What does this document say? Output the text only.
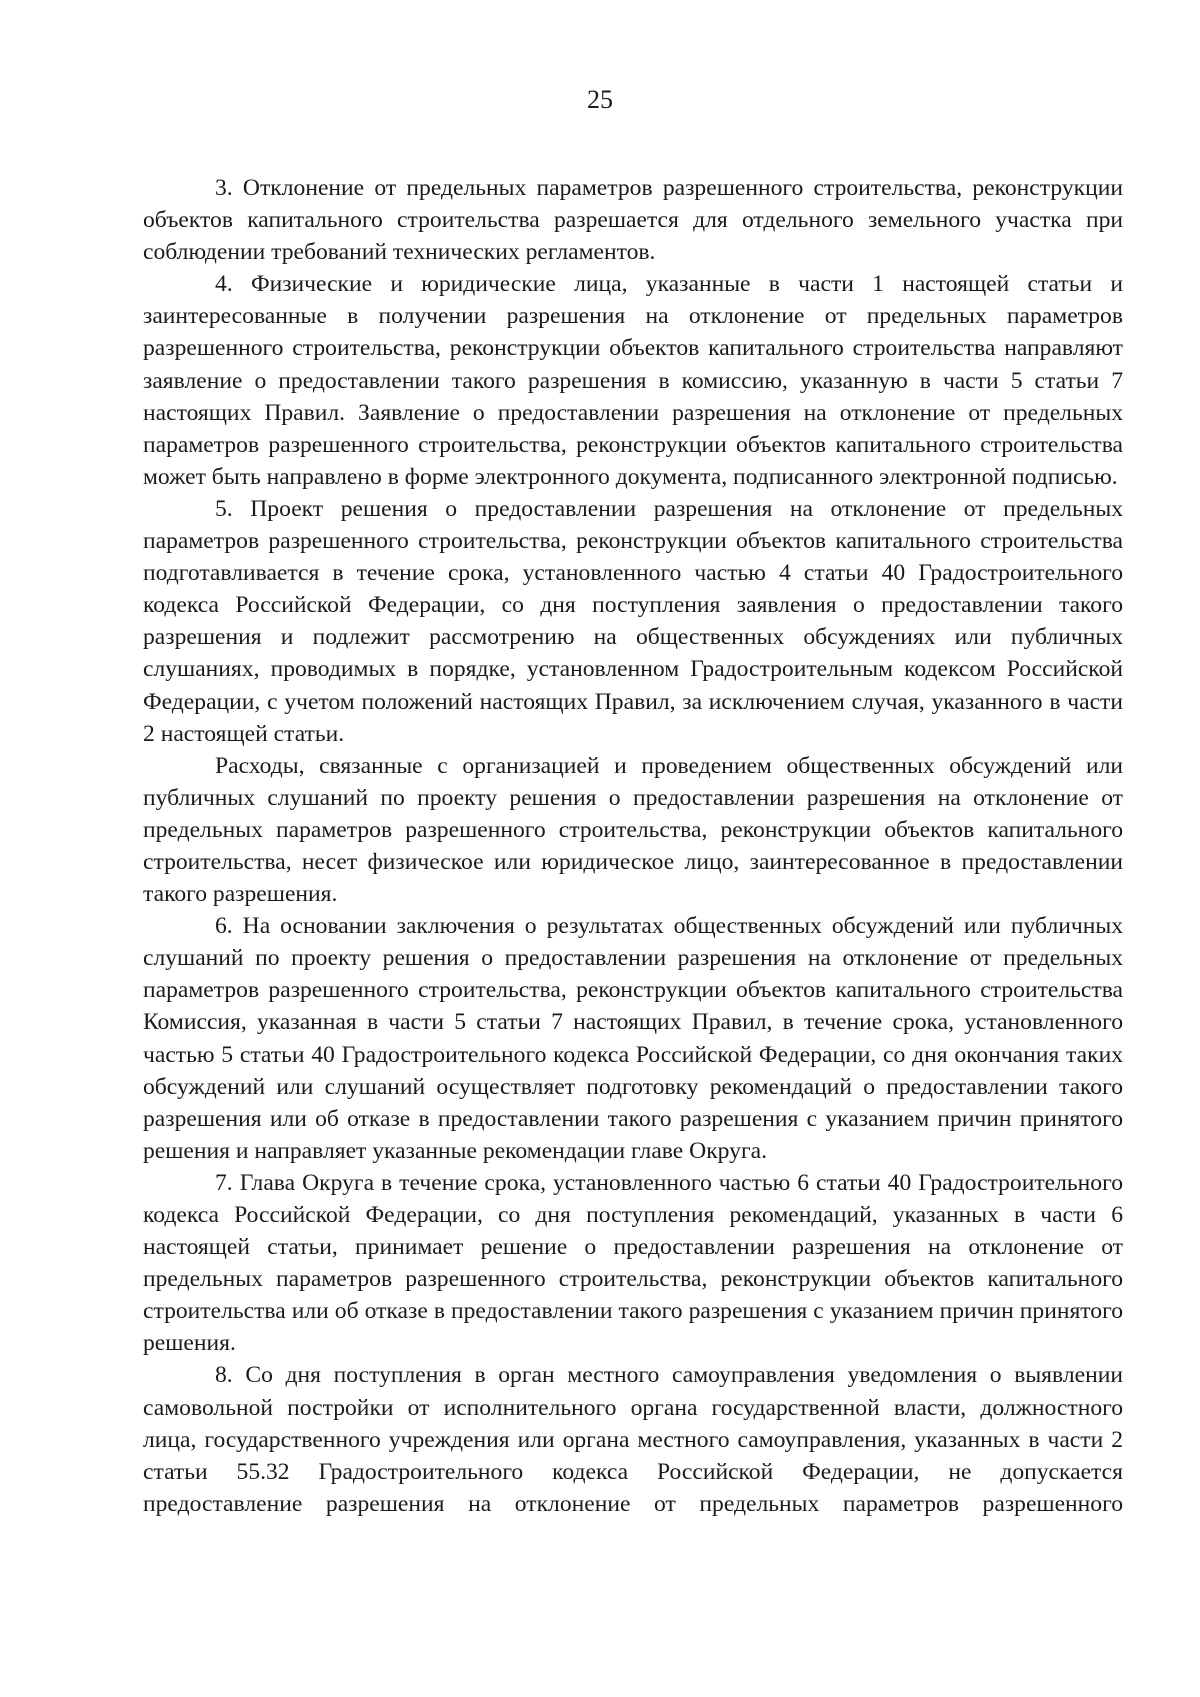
25

3. Отклонение от предельных параметров разрешенного строительства, реконструкции объектов капитального строительства разрешается для отдельного земельного участка при соблюдении требований технических регламентов.

4. Физические и юридические лица, указанные в части 1 настоящей статьи и заинтересованные в получении разрешения на отклонение от предельных параметров разрешенного строительства, реконструкции объектов капитального строительства направляют заявление о предоставлении такого разрешения в комиссию, указанную в части 5 статьи 7 настоящих Правил. Заявление о предоставлении разрешения на отклонение от предельных параметров разрешенного строительства, реконструкции объектов капитального строительства может быть направлено в форме электронного документа, подписанного электронной подписью.

5. Проект решения о предоставлении разрешения на отклонение от предельных параметров разрешенного строительства, реконструкции объектов капитального строительства подготавливается в течение срока, установленного частью 4 статьи 40 Градостроительного кодекса Российской Федерации, со дня поступления заявления о предоставлении такого разрешения и подлежит рассмотрению на общественных обсуждениях или публичных слушаниях, проводимых в порядке, установленном Градостроительным кодексом Российской Федерации, с учетом положений настоящих Правил, за исключением случая, указанного в части 2 настоящей статьи.

Расходы, связанные с организацией и проведением общественных обсуждений или публичных слушаний по проекту решения о предоставлении разрешения на отклонение от предельных параметров разрешенного строительства, реконструкции объектов капитального строительства, несет физическое или юридическое лицо, заинтересованное в предоставлении такого разрешения.

6. На основании заключения о результатах общественных обсуждений или публичных слушаний по проекту решения о предоставлении разрешения на отклонение от предельных параметров разрешенного строительства, реконструкции объектов капитального строительства Комиссия, указанная в части 5 статьи 7 настоящих Правил, в течение срока, установленного частью 5 статьи 40 Градостроительного кодекса Российской Федерации, со дня окончания таких обсуждений или слушаний осуществляет подготовку рекомендаций о предоставлении такого разрешения или об отказе в предоставлении такого разрешения с указанием причин принятого решения и направляет указанные рекомендации главе Округа.

7. Глава Округа в течение срока, установленного частью 6 статьи 40 Градостроительного кодекса Российской Федерации, со дня поступления рекомендаций, указанных в части 6 настоящей статьи, принимает решение о предоставлении разрешения на отклонение от предельных параметров разрешенного строительства, реконструкции объектов капитального строительства или об отказе в предоставлении такого разрешения с указанием причин принятого решения.

8. Со дня поступления в орган местного самоуправления уведомления о выявлении самовольной постройки от исполнительного органа государственной власти, должностного лица, государственного учреждения или органа местного самоуправления, указанных в части 2 статьи 55.32 Градостроительного кодекса Российской Федерации, не допускается предоставление разрешения на отклонение от предельных параметров разрешенного
